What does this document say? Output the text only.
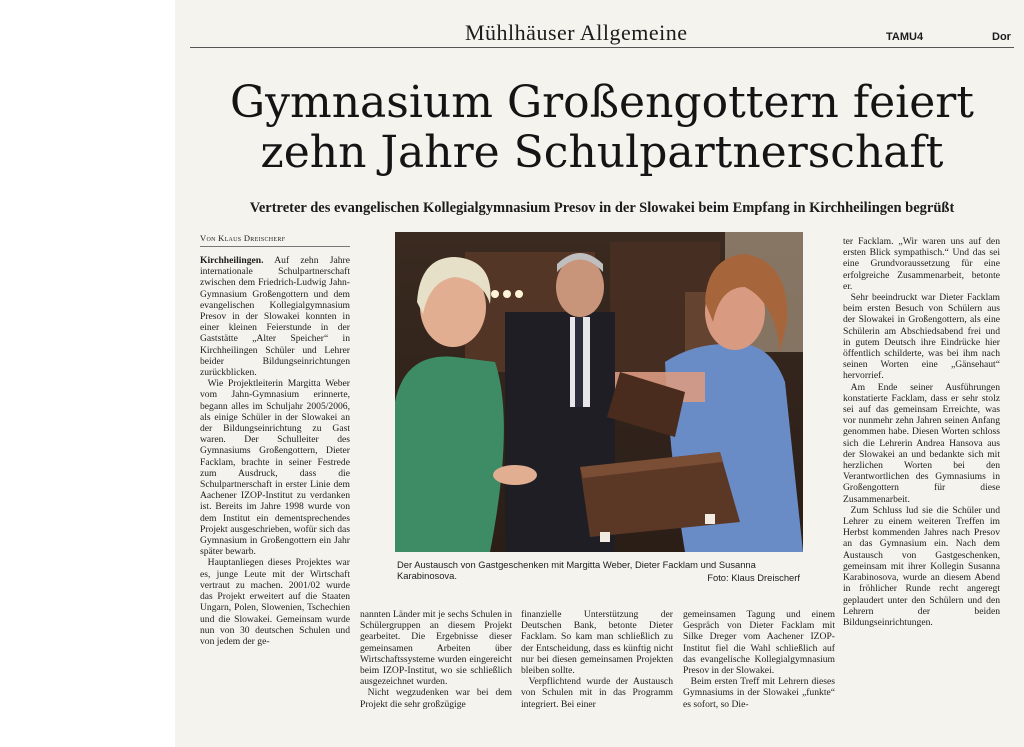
Mühlhäuser Allgemeine	TAMU4	Dor
Gymnasium Großengottern feiert
zehn Jahre Schulpartnerschaft
Vertreter des evangelischen Kollegialgymnasium Presov in der Slowakei beim Empfang in Kirchheilingen begrüßt
Von Klaus Dreischerf

Kirchheilingen. Auf zehn Jahre internationale Schulpartnerschaft zwischen dem Friedrich-Ludwig Jahn-Gymnasium Großengottern und dem evangelischen Kollegialgymnasium Presov in der Slowakei konnten in einer kleinen Feierstunde in der Gaststätte „Alter Speicher“ in Kirchheilingen Schüler und Lehrer beider Bildungseinrichtungen zurückblicken.

Wie Projektleiterin Margitta Weber vom Jahn-Gymnasium erinnerte, begann alles im Schuljahr 2005/2006, als einige Schüler in der Slowakei an der Bildungseinrichtung zu Gast waren. Der Schulleiter des Gymnasiums Großengottern, Dieter Facklam, brachte in seiner Festrede zum Ausdruck, dass die Schulpartnerschaft in erster Linie dem Aachener IZOP-Institut zu verdanken ist. Bereits im Jahre 1998 wurde von dem Institut ein dementsprechendes Projekt ausgeschrieben, wofür sich das Gymnasium in Großengottern ein Jahr später bewarb.

Hauptanliegen dieses Projektes war es, junge Leute mit der Wirtschaft vertraut zu machen. 2001/02 wurde das Projekt erweitert auf die Staaten Ungarn, Polen, Slowenien, Tschechien und die Slowakei. Gemeinsam wurde nun von 30 deutschen Schulen und von jedem der ge-

Der Austausch von Gastgeschenken mit Margitta Weber, Dieter Facklam und Susanna Karabinosova.	Foto: Klaus Dreischerf

ter Facklam. „Wir waren uns auf den ersten Blick sympathisch.“ Und das sei eine Grundvoraussetzung für eine erfolgreiche Zusammenarbeit, betonte er.

Sehr beeindruckt war Dieter Facklam beim ersten Besuch von Schülern aus der Slowakei in Großengottern, als eine Schülerin am Abschiedsabend frei und in gutem Deutsch ihre Eindrücke hier öffentlich schilderte, was bei ihm nach seinen Worten eine „Gänsehaut“ hervorrief.

Am Ende seiner Ausführungen konstatierte Facklam, dass er sehr stolz sei auf das gemeinsam Erreichte, was vor nunmehr zehn Jahren seinen Anfang genommen habe. Diesen Worten schloss sich die Lehrerin Andrea Hansova aus der Slowakei an und bedankte sich mit herzlichen Worten bei den Verantwortlichen des Gymnasiums in Großengottern für diese Zusammenarbeit.

Zum Schluss lud sie die Schüler und Lehrer zu einem weiteren Treffen im Herbst kommenden Jahres nach Presov an das Gymnasium ein. Nach dem Austausch von Gastgeschenken, gemeinsam mit ihrer Kollegin Susanna Karabinosova, wurde an diesem Abend in fröhlicher Runde recht angeregt geplaudert unter den Schülern und den Lehrern der beiden Bildungseinrichtungen.

nannten Länder mit je sechs Schulen in Schülergruppen an diesem Projekt gearbeitet. Die Ergebnisse dieser gemeinsamen Arbeiten über Wirtschaftssysteme wurden eingereicht beim IZOP-Institut, wo sie schließlich ausgezeichnet wurden.

Nicht wegzudenken war bei dem Projekt die sehr großzügige

finanzielle Unterstützung der Deutschen Bank, betonte Dieter Facklam. So kam man schließlich zu der Entscheidung, dass es künftig nicht nur bei diesen gemeinsamen Projekten bleiben sollte.

Verpflichtend wurde der Austausch von Schulen mit in das Programm integriert. Bei einer

gemeinsamen Tagung und einem Gespräch von Dieter Facklam mit Silke Dreger vom Aachener IZOP-Institut fiel die Wahl schließlich auf das evangelische Kollegialgymnasium Presov in der Slowakei.

Beim ersten Treff mit Lehrern dieses Gymnasiums in der Slowakei „funkte“ es sofort, so Die-
